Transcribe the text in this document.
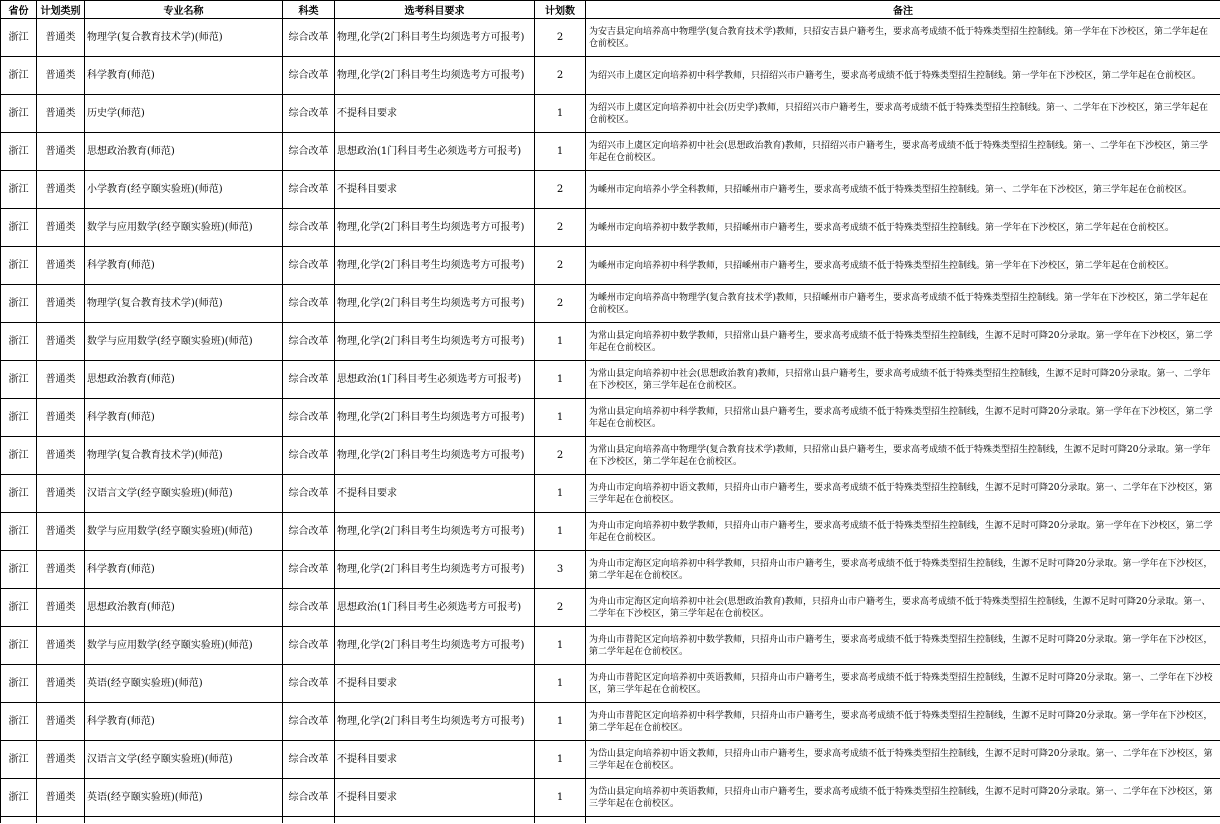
省份	计划类别	专业名称	科类	选考科目要求	计划数	备注
浙江	普通类	物理学(复合教育技术学)(师范)	综合改革	物理,化学(2门科目考生均须选考方可报考)	2	为安吉县定向培养高中物理学(复合教育技术学)教师，只招安吉县户籍考生，要求高考成绩不低于特殊类型招生控制线。第一学年在下沙校区，第二学年起在仓前校区。
浙江	普通类	科学教育(师范)	综合改革	物理,化学(2门科目考生均须选考方可报考)	2	为绍兴市上虞区定向培养初中科学教师，只招绍兴市户籍考生，要求高考成绩不低于特殊类型招生控制线。第一学年在下沙校区，第二学年起在仓前校区。
浙江	普通类	历史学(师范)	综合改革	不提科目要求	1	为绍兴市上虞区定向培养初中社会(历史学)教师，只招绍兴市户籍考生，要求高考成绩不低于特殊类型招生控制线。第一、二学年在下沙校区，第三学年起在仓前校区。
浙江	普通类	思想政治教育(师范)	综合改革	思想政治(1门科目考生必须选考方可报考)	1	为绍兴市上虞区定向培养初中社会(思想政治教育)教师，只招绍兴市户籍考生，要求高考成绩不低于特殊类型招生控制线。第一、二学年在下沙校区，第三学年起在仓前校区。
浙江	普通类	小学教育(经亨颐实验班)(师范)	综合改革	不提科目要求	2	为嵊州市定向培养小学全科教师，只招嵊州市户籍考生，要求高考成绩不低于特殊类型招生控制线。第一、二学年在下沙校区，第三学年起在仓前校区。
浙江	普通类	数学与应用数学(经亨颐实验班)(师范)	综合改革	物理,化学(2门科目考生均须选考方可报考)	2	为嵊州市定向培养初中数学教师，只招嵊州市户籍考生，要求高考成绩不低于特殊类型招生控制线。第一学年在下沙校区，第二学年起在仓前校区。
浙江	普通类	科学教育(师范)	综合改革	物理,化学(2门科目考生均须选考方可报考)	2	为嵊州市定向培养初中科学教师，只招嵊州市户籍考生，要求高考成绩不低于特殊类型招生控制线。第一学年在下沙校区，第二学年起在仓前校区。
浙江	普通类	物理学(复合教育技术学)(师范)	综合改革	物理,化学(2门科目考生均须选考方可报考)	2	为嵊州市定向培养高中物理学(复合教育技术学)教师，只招嵊州市户籍考生，要求高考成绩不低于特殊类型招生控制线。第一学年在下沙校区，第二学年起在仓前校区。
浙江	普通类	数学与应用数学(经亨颐实验班)(师范)	综合改革	物理,化学(2门科目考生均须选考方可报考)	1	为常山县定向培养初中数学教师，只招常山县户籍考生，要求高考成绩不低于特殊类型招生控制线，生源不足时可降20分录取。第一学年在下沙校区，第二学年起在仓前校区。
浙江	普通类	思想政治教育(师范)	综合改革	思想政治(1门科目考生必须选考方可报考)	1	为常山县定向培养初中社会(思想政治教育)教师，只招常山县户籍考生，要求高考成绩不低于特殊类型招生控制线，生源不足时可降20分录取。第一、二学年在下沙校区，第三学年起在仓前校区。
浙江	普通类	科学教育(师范)	综合改革	物理,化学(2门科目考生均须选考方可报考)	1	为常山县定向培养初中科学教师，只招常山县户籍考生，要求高考成绩不低于特殊类型招生控制线，生源不足时可降20分录取。第一学年在下沙校区，第二学年起在仓前校区。
浙江	普通类	物理学(复合教育技术学)(师范)	综合改革	物理,化学(2门科目考生均须选考方可报考)	2	为常山县定向培养高中物理学(复合教育技术学)教师，只招常山县户籍考生，要求高考成绩不低于特殊类型招生控制线，生源不足时可降20分录取。第一学年在下沙校区，第二学年起在仓前校区。
浙江	普通类	汉语言文学(经亨颐实验班)(师范)	综合改革	不提科目要求	1	为舟山市定向培养初中语文教师，只招舟山市户籍考生，要求高考成绩不低于特殊类型招生控制线，生源不足时可降20分录取。第一、二学年在下沙校区，第三学年起在仓前校区。
浙江	普通类	数学与应用数学(经亨颐实验班)(师范)	综合改革	物理,化学(2门科目考生均须选考方可报考)	1	为舟山市定向培养初中数学教师，只招舟山市户籍考生，要求高考成绩不低于特殊类型招生控制线，生源不足时可降20分录取。第一学年在下沙校区，第二学年起在仓前校区。
浙江	普通类	科学教育(师范)	综合改革	物理,化学(2门科目考生均须选考方可报考)	3	为舟山市定海区定向培养初中科学教师，只招舟山市户籍考生，要求高考成绩不低于特殊类型招生控制线，生源不足时可降20分录取。第一学年在下沙校区，第二学年起在仓前校区。
浙江	普通类	思想政治教育(师范)	综合改革	思想政治(1门科目考生必须选考方可报考)	2	为舟山市定海区定向培养初中社会(思想政治教育)教师，只招舟山市户籍考生，要求高考成绩不低于特殊类型招生控制线，生源不足时可降20分录取。第一、二学年在下沙校区，第三学年起在仓前校区。
浙江	普通类	数学与应用数学(经亨颐实验班)(师范)	综合改革	物理,化学(2门科目考生均须选考方可报考)	1	为舟山市普陀区定向培养初中数学教师，只招舟山市户籍考生，要求高考成绩不低于特殊类型招生控制线，生源不足时可降20分录取。第一学年在下沙校区，第二学年起在仓前校区。
浙江	普通类	英语(经亨颐实验班)(师范)	综合改革	不提科目要求	1	为舟山市普陀区定向培养初中英语教师，只招舟山市户籍考生，要求高考成绩不低于特殊类型招生控制线，生源不足时可降20分录取。第一、二学年在下沙校区，第三学年起在仓前校区。
浙江	普通类	科学教育(师范)	综合改革	物理,化学(2门科目考生均须选考方可报考)	1	为舟山市普陀区定向培养初中科学教师，只招舟山市户籍考生，要求高考成绩不低于特殊类型招生控制线，生源不足时可降20分录取。第一学年在下沙校区，第二学年起在仓前校区。
浙江	普通类	汉语言文学(经亨颐实验班)(师范)	综合改革	不提科目要求	1	为岱山县定向培养初中语文教师，只招舟山市户籍考生，要求高考成绩不低于特殊类型招生控制线，生源不足时可降20分录取。第一、二学年在下沙校区，第三学年起在仓前校区。
浙江	普通类	英语(经亨颐实验班)(师范)	综合改革	不提科目要求	1	为岱山县定向培养初中英语教师，只招舟山市户籍考生，要求高考成绩不低于特殊类型招生控制线，生源不足时可降20分录取。第一、二学年在下沙校区，第三学年起在仓前校区。
